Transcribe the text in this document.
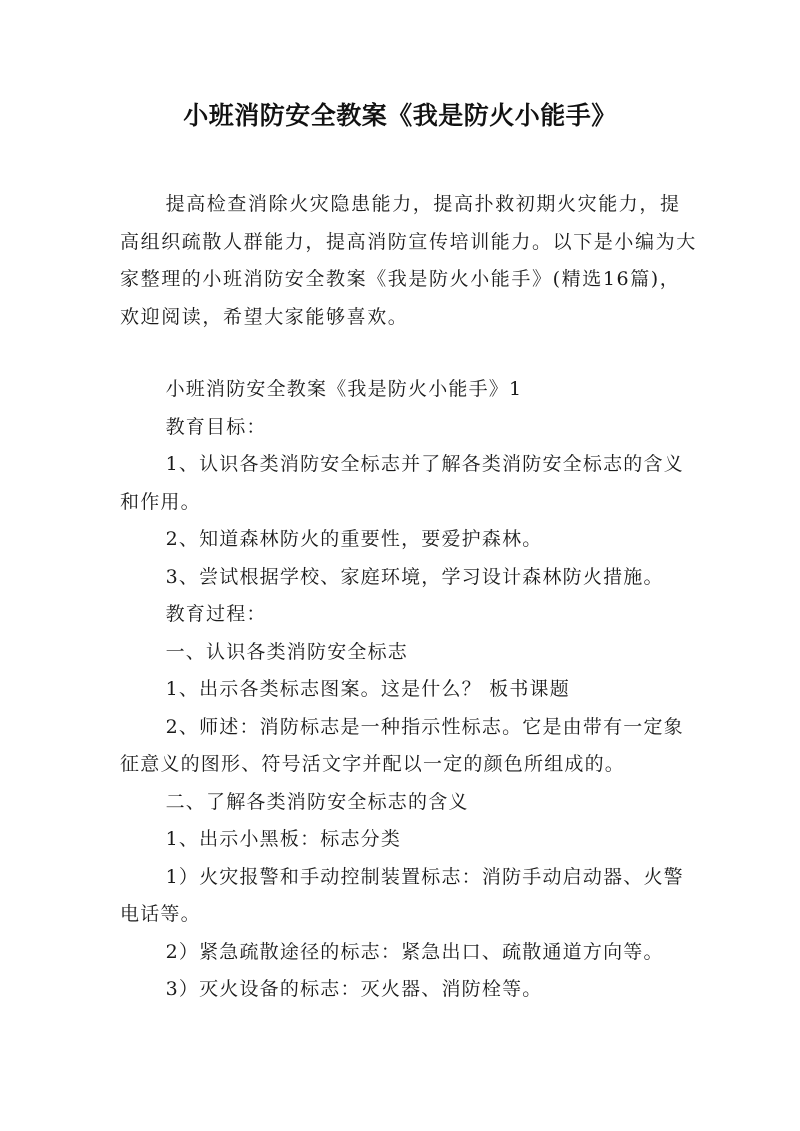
小班消防安全教案《我是防火小能手》

提高检查消除火灾隐患能力，提高扑救初期火灾能力，提高组织疏散人群能力，提高消防宣传培训能力。以下是小编为大家整理的小班消防安全教案《我是防火小能手》(精选16篇)，欢迎阅读，希望大家能够喜欢。

小班消防安全教案《我是防火小能手》1

教育目标：

1、认识各类消防安全标志并了解各类消防安全标志的含义和作用。

2、知道森林防火的重要性，要爱护森林。

3、尝试根据学校、家庭环境，学习设计森林防火措施。

教育过程：

一、认识各类消防安全标志

1、出示各类标志图案。这是什么？ 板书课题

2、师述：消防标志是一种指示性标志。它是由带有一定象征意义的图形、符号活文字并配以一定的颜色所组成的。

二、了解各类消防安全标志的含义

1、出示小黑板：标志分类

1）火灾报警和手动控制装置标志：消防手动启动器、火警电话等。

2）紧急疏散途径的标志：紧急出口、疏散通道方向等。

3）灭火设备的标志：灭火器、消防栓等。
